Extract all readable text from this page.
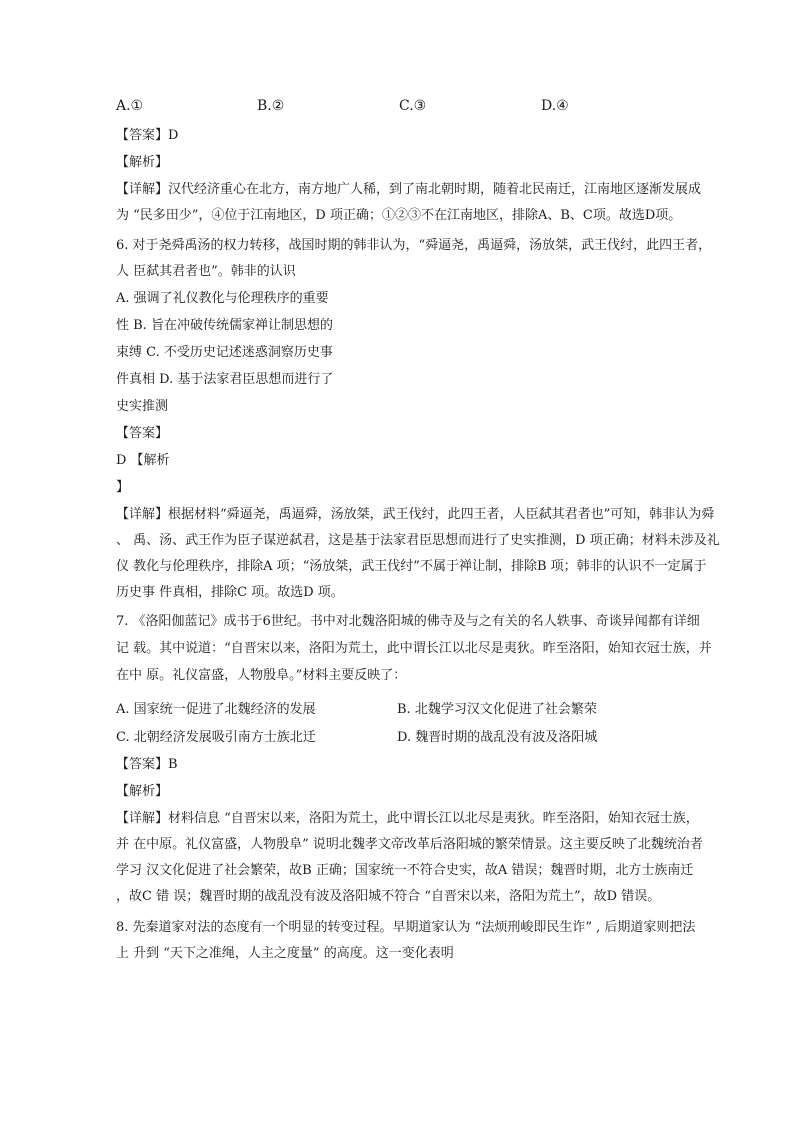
A.①	B.②	C.③	D.④
【答案】D
【解析】
【详解】汉代经济重心在北方，南方地广人稀，到了南北朝时期，随着北民南迁，江南地区逐渐发展成
为 “民多田少”，④位于江南地区，D 项正确；①②③不在江南地区，排除A、B、C项。故选D项。
6. 对于尧舜禹汤的权力转移，战国时期的韩非认为，“舜逼尧，禹逼舜，汤放桀，武王伐纣，此四王者，
人 臣弑其君者也”。韩非的认识
A. 强调了礼仪教化与伦理秩序的重要
性 B. 旨在冲破传统儒家禅让制思想的
束缚 C. 不受历史记述迷惑洞察历史事
件真相 D. 基于法家君臣思想而进行了
史实推测
【答案】
D 【解析
】
【详解】根据材料“舜逼尧，禹逼舜，汤放桀，武王伐纣，此四王者，人臣弑其君者也”可知，韩非认为舜
、 禹、汤、武王作为臣子谋逆弑君，这是基于法家君臣思想而进行了史实推测，D 项正确；材料未涉及礼
仪 教化与伦理秩序，排除A 项；“汤放桀，武王伐纣”不属于禅让制，排除B 项；韩非的认识不一定属于
历史事 件真相，排除C 项。故选D 项。
7. 《洛阳伽蓝记》成书于6世纪。书中对北魏洛阳城的佛寺及与之有关的名人轶事、奇谈异闻都有详细
记 载。其中说道：“自晋宋以来，洛阳为荒土，此中谓长江以北尽是夷狄。昨至洛阳，始知衣冠士族，并
在中 原。礼仪富盛，人物殷阜。”材料主要反映了：
A. 国家统一促进了北魏经济的发展	B. 北魏学习汉文化促进了社会繁荣
C. 北朝经济发展吸引南方士族北迁	D. 魏晋时期的战乱没有波及洛阳城
【答案】B
【解析】
【详解】材料信息 “自晋宋以来，洛阳为荒土，此中谓长江以北尽是夷狄。昨至洛阳，始知衣冠士族，
并 在中原。礼仪富盛，人物殷阜” 说明北魏孝文帝改革后洛阳城的繁荣情景。这主要反映了北魏统治者
学习 汉文化促进了社会繁荣，故B 正确；国家统一不符合史实，故A 错误；魏晋时期，北方士族南迁
，故C 错 误；魏晋时期的战乱没有波及洛阳城不符合 “自晋宋以来，洛阳为荒土”，故D 错误。
8. 先秦道家对法的态度有一个明显的转变过程。早期道家认为 “法烦刑峻即民生诈” , 后期道家则把法
上 升到 “天下之准绳，人主之度量” 的高度。这一变化表明
